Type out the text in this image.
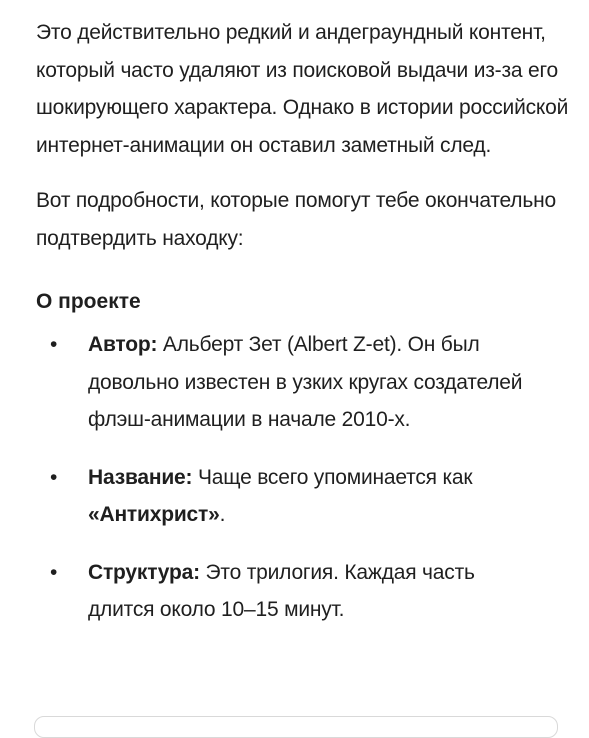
Это действительно редкий и андеграундный контент, который часто удаляют из поисковой выдачи из-за его шокирующего характера. Однако в истории российской интернет-анимации он оставил заметный след.

Вот подробности, которые помогут тебе окончательно подтвердить находку:

О проекте
• Автор: Альберт Зет (Albert Z-et). Он был довольно известен в узких кругах создателей флэш-анимации в начале 2010-х.
• Название: Чаще всего упоминается как «Антихрист».
• Структура: Это трилогия. Каждая часть длится около 10–15 минут.
